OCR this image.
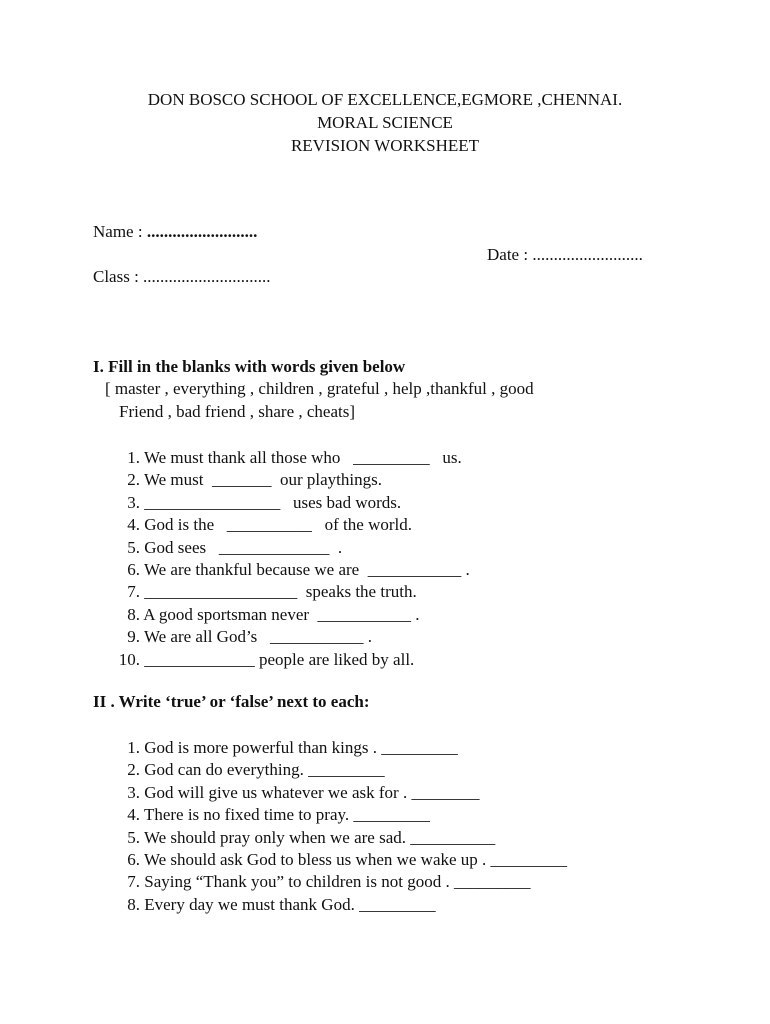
DON BOSCO SCHOOL OF EXCELLENCE,EGMORE ,CHENNAI.
MORAL SCIENCE
REVISION WORKSHEET
Name : ..........................
Date : ..........................
Class : ..............................
I. Fill in the blanks with words given below
[ master , everything , children , grateful , help ,thankful , good
Friend , bad friend , share , cheats]
1. We must thank all those who   _________   us.
2. We must  _______  our playthings.
3. ________________   uses bad words.
4. God is the   __________   of the world.
5. God sees   _____________  .
6. We are thankful because we are  ___________ .
7. __________________  speaks the truth.
8. A good sportsman never  ___________ .
9. We are all God’s   ___________ .
10. _____________ people are liked by all.
II . Write ‘true’ or ‘false’ next to each:
1. God is more powerful than kings . _________
2. God can do everything. _________
3. God will give us whatever we ask for . ________
4. There is no fixed time to pray. _________
5. We should pray only when we are sad. __________
6. We should ask God to bless us when we wake up . _________
7. Saying “Thank you” to children is not good . _________
8. Every day we must thank God. _________
